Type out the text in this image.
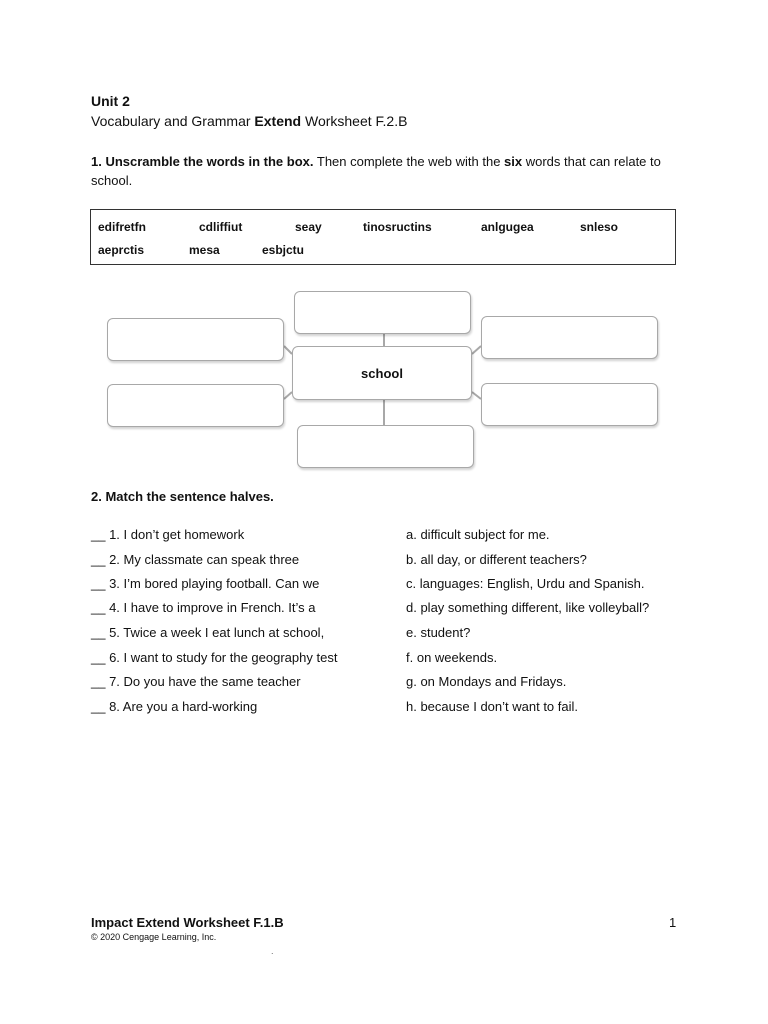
Unit 2
Vocabulary and Grammar Extend Worksheet F.2.B
1. Unscramble the words in the box. Then complete the web with the six words that can relate to school.
edifretfn	cdliffiut	seay	tinosructins	anlgugea	snleso
aeprctis	mesa	esbjctu
school
2. Match the sentence halves.
__ 1. I don’t get homework
__ 2. My classmate can speak three
__ 3. I’m bored playing football. Can we
__ 4. I have to improve in French. It’s a
__ 5. Twice a week I eat lunch at school,
__ 6. I want to study for the geography test
__ 7. Do you have the same teacher
__ 8. Are you a hard-working
a. difficult subject for me.
b. all day, or different teachers?
c. languages: English, Urdu and Spanish.
d. play something different, like volleyball?
e. student?
f. on weekends.
g. on Mondays and Fridays.
h. because I don’t want to fail.
Impact Extend Worksheet F.1.B
© 2020 Cengage Learning, Inc.
1
.
